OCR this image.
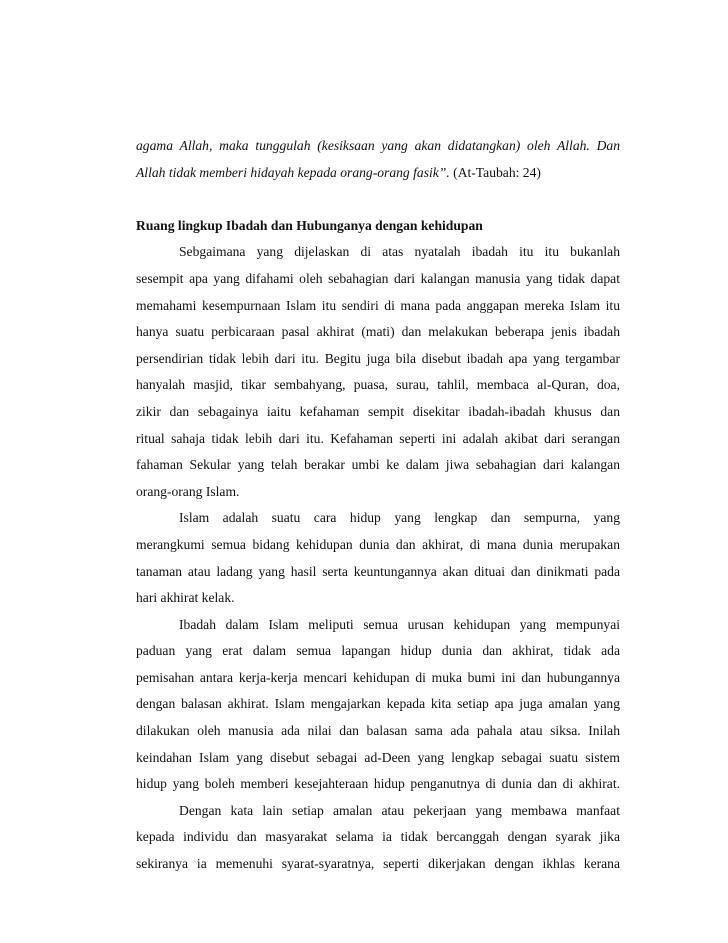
agama Allah, maka tunggulah (kesiksaan yang akan didatangkan) oleh Allah. Dan
Allah tidak memberi hidayah kepada orang-orang fasik”. (At-Taubah: 24)
Ruang lingkup Ibadah dan Hubunganya dengan kehidupan
Sebgaimana yang dijelaskan di atas nyatalah ibadah itu itu bukanlah
sesempit apa yang difahami oleh sebahagian dari kalangan manusia yang tidak dapat
memahami kesempurnaan Islam itu sendiri di mana pada anggapan mereka Islam itu
hanya suatu perbicaraan pasal akhirat (mati) dan melakukan beberapa jenis ibadah
persendirian tidak lebih dari itu. Begitu juga bila disebut ibadah apa yang tergambar
hanyalah masjid, tikar sembahyang, puasa, surau, tahlil, membaca al-Quran, doa,
zikir dan sebagainya iaitu kefahaman sempit disekitar ibadah-ibadah khusus dan
ritual sahaja tidak lebih dari itu. Kefahaman seperti ini adalah akibat dari serangan
fahaman Sekular yang telah berakar umbi ke dalam jiwa sebahagian dari kalangan
orang-orang Islam.
Islam adalah suatu cara hidup yang lengkap dan sempurna, yang
merangkumi semua bidang kehidupan dunia dan akhirat, di mana dunia merupakan
tanaman atau ladang yang hasil serta keuntungannya akan dituai dan dinikmati pada
hari akhirat kelak.
Ibadah dalam Islam meliputi semua urusan kehidupan yang mempunyai
paduan yang erat dalam semua lapangan hidup dunia dan akhirat, tidak ada
pemisahan antara kerja-kerja mencari kehidupan di muka bumi ini dan hubungannya
dengan balasan akhirat. Islam mengajarkan kepada kita setiap apa juga amalan yang
dilakukan oleh manusia ada nilai dan balasan sama ada pahala atau siksa. Inilah
keindahan Islam yang disebut sebagai ad-Deen yang lengkap sebagai suatu sistem
hidup yang boleh memberi kesejahteraan hidup penganutnya di dunia dan di akhirat.
Dengan kata lain setiap amalan atau pekerjaan yang membawa manfaat
kepada individu dan masyarakat selama ia tidak bercanggah dengan syarak jika
sekiranya ia memenuhi syarat-syaratnya, seperti dikerjakan dengan ikhlas kerana
